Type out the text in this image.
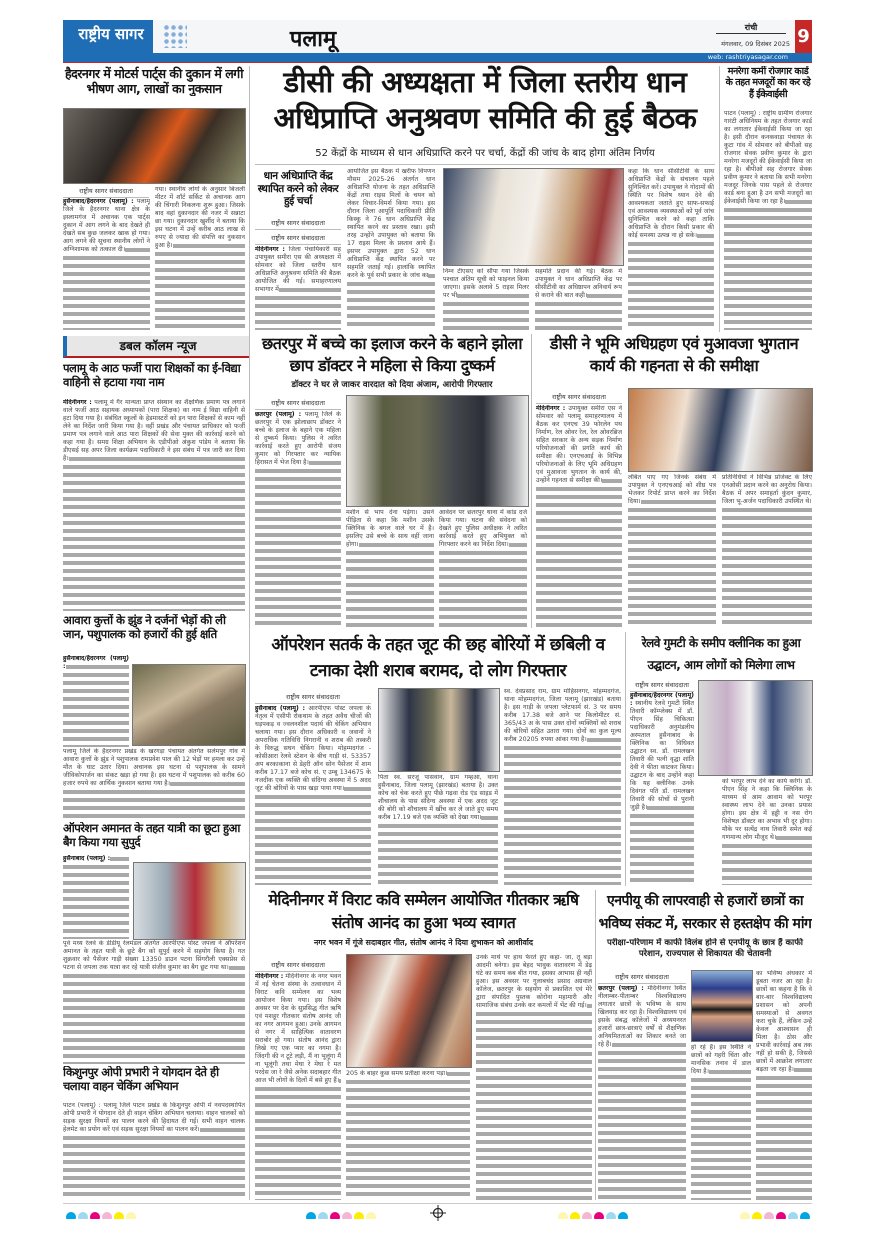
राष्ट्रीय सागर	पलामू	रांची
मंगलवार, 09 दिसंबर 2025 9
web: rashtriyasagar.com
हैदरनगर में मोटर्स पार्ट्स की दुकान में लगी भीषण आग, लाखों का नुकसान
राष्ट्रीय सागर संवाददाता
हुसैनाबाद/हैदरनगर (पलामू) : पलामू जिले के हैदरनगर थाना क्षेत्र के इस्लामगंज में अचानक एक पार्ट्स दुकान में आग लगने के बाद देखते ही देखते सब कुछ जलकर खाक हो गया। आग लगने की सूचना स्थानीय लोगों ने अग्निशामक को तत्काल दी।
गया। स्थानीय लोगों के अनुसार बिजली मीटर में शॉर्ट सर्किट से अचानक आग की चिंगारी निकलना शुरू हुआ। जिसके बाद वहां दुकानदार की नजर में सन्नाटा छा गया। दुकानदार खुर्शीद ने बताया कि इस घटना में उन्हें करीब आठ लाख से रुपए से ज्यादा की संपत्ति का नुकसान हुआ है।
डबल कॉलम न्यूज
पलामू के आठ फर्जी पारा शिक्षकों का ई-विद्या वाहिनी से हटाया गया नाम
मेदिनीनगर : पलामू में गैर मान्यता प्राप्त संस्थान का शैक्षणिक प्रमाण पत्र लगाने वाले फर्जी आठ सहायक अध्यापकों (पारा शिक्षक) का नाम ई विद्या वाहिनी से हटा दिया गया है। संबंधित स्कूलों के हेडमास्टरों को इन पारा शिक्षकों से काम नहीं लेने का निर्देश जारी किया गया है। वहीं प्रखंड और पंचायत प्राधिकार को फर्जी प्रमाण पत्र लगाने वाले आठ पारा शिक्षकों की सेवा मुक्त की कार्रवाई करने को कहा गया है। समग्र शिक्षा अभियान के एडीपीओ अंकुश पांडेय ने बताया कि डीएसई सह अपर जिला कार्यक्रम पदाधिकारी ने इस संबंध में पत्र जारी कर दिया है।
आवारा कुत्तों के झुंड ने दर्जनों भेड़ों की ली जान, पशुपालक को हजारों की हुई क्षति
हुसैनाबाद/हैदरनगर (पलामू) :
पलामू जिले के हैदरनगर प्रखंड के खरगड़ा पंचायत अंतर्गत सलेमपुर गांव में आवारा कुत्तों के झुंड ने पशुपालक रामप्रवेश पाल की 12 भेड़ों पर हमला कर उन्हें मौत के घाट उतार दिया। अचानक इस घटना से पशुपालक के सामने जीविकोपार्जन का संकट खड़ा हो गया है। इस घटना में पशुपालक को करीब 60 हजार रुपये का आर्थिक नुकसान बताया गया है।
ऑपरेशन अमानत के तहत यात्री का छूटा हुआ बैग किया गया सुपुर्द
हुसैनाबाद (पलामू) :
पूर्व मध्य रेलवे के डीडीयू रेलमंडल अंतर्गत आरपीएफ पोस्ट जपला ने ऑपरेशन अमानत के तहत यात्री के छूटे बैग को सुपुर्द करने में सहयोग किया है। गत शुक्रवार को पैसेंजर गाड़ी संख्या 13350 डाउन पटना सिंगरौली एक्सप्रेस से पटना से जपला तक यात्रा कर रहे यात्री संजीव कुमार का बैग छूट गया था।
किशुनपुर ओपी प्रभारी ने योगदान देते ही चलाया वाहन चेकिंग अभियान
पाटन (पलामू) : पलामू जिले पाटन प्रखंड के किशुनपुर ओपी में नवपदस्थापित ओपी प्रभारी ने योगदान देते ही वाहन चेकिंग अभियान चलाया। वाहन चालकों को सड़क सुरक्षा नियमों का पालन करने की हिदायत दी गई। सभी वाहन चालक हेलमेट का प्रयोग करें एवं सड़क सुरक्षा नियमों का पालन करें।
डीसी की अध्यक्षता में जिला स्तरीय धान अधिप्राप्ति अनुश्रवण समिति की हुई बैठक
52 केंद्रों के माध्यम से धान अधिप्राप्ति करने पर चर्चा, केंद्रों की जांच के बाद होगा अंतिम निर्णय
धान अधिप्राप्ति केंद्र स्थापित करने को लेकर हुई चर्चा
राष्ट्रीय सागर संवाददाता
राष्ट्रीय सागर संवाददाता
मेदिनीनगर : जिला पंचायिकारी सह उपायुक्त समीरा एस की अध्यक्षता में सोमवार को जिला स्तरीय धान अधिप्राप्ति अनुश्रवण समिति की बैठक आयोजित की गई। समाहरणालय सभागार में
आयोजित इस बैठक में खरीफ विपणन मौसम 2025-26 अंतर्गत धान अधिप्राप्ति योजना के तहत अधिप्राप्ति केंद्रों तथा राइस मिलों के चयन को लेकर विचार-विमर्श किया गया। इस दौरान जिला आपूर्ति पदाधिकारी प्रीति किस्कू ने 76 धान अधिप्राप्ति केंद्र स्थापित करने का प्रस्ताव रखा। इसी तरह उन्होंने उपायुक्त को बताया कि 17 राइस मिलर के प्रस्ताव आये हैं। इसपर उपायुक्त द्वारा 52 धान अधिप्राप्ति केंद्र स्थापित करने पर सहमति जताई गई। हालांकि स्थापित करने के पूर्व सभी प्रकार के जांच का
निम्न टीएसए को सौंपा गया जिसके पश्चात अंतिम सूची को फाइनल किया जाएगा। इसके अलावे 5 राइस मिलर पर भी
सहमति प्रदान की गई। बैठक में उपायुक्त ने धान अधिप्राप्ति केंद्र पर सीसीटीवी का अधिष्ठापन अनिवार्य रूप से कराने की बात कही।
कहा कि धान सीसीटीवी के साथ अधिप्राप्ति केंद्रों के संचालन पहले सुनिश्चित करें। उपायुक्त ने गोदामों की स्थिति पर विशेष ध्यान देने की आवश्यकता जताते हुए साफ-सफाई एवं आवश्यक व्यवस्थाओं को पूर्व जांच सुनिश्चित करने को कहा ताकि अधिप्राप्ति के दौरान किसी प्रकार की कोई समस्या उत्पन्न ना हो सके।
मनरेगा कर्मी रोजगार कार्ड के तहत मजदूरों का कर रहे हैं ईकेवाईसी
पाटन (पलामू) : राष्ट्रीय ग्रामीण रोजगार गारंटी अधिनियम के तहत रोजगार कार्ड का लगातार ईकेवाईसी किया जा रहा है। इसी दौरान कनकवाड़ा पंचायत के कुटा गांव में सोमवार को बीपीओ सह रोजगार सेवक प्रवीण कुमार के द्वारा मनरेगा मजदूरों की ईकेवाईसी किया जा रहा है। बीपीओ सह रोजगार सेवक प्रवीण कुमार ने बताया कि सभी मनरेगा मजदूर जिनके पास पहले से रोजगार कार्ड बना हुआ है उन सभी मजदूरों का ईकेवाईसी किया जा रहा है।
छतरपुर में बच्चे का इलाज करने के बहाने झोला छाप डॉक्टर ने महिला से किया दुष्कर्म
डॉक्टर ने घर ले जाकर वारदात को दिया अंजाम, आरोपी गिरफ्तार
राष्ट्रीय सागर संवाददाता
छतरपुर (पलामू) : पलामू जिले के छतरपुर में एक झोलाछाप डॉक्टर ने बच्चे के इलाज के बहाने एक महिला से दुष्कर्म किया। पुलिस ने त्वरित कार्रवाई करते हुए आरोपी संजय कुमार को गिरफ्तार कर न्यायिक हिरासत में भेज दिया है।
मशीन से भाप देना पड़ेगा। उसने पीड़िता से कहा कि मशीन उसके क्लिनिक के बगल वाले घर में है। इसलिए उसे बच्चे के साथ वहीं जाना होगा।
आवेदन पर छतरपुर थाना में कांड दर्ज किया गया। घटना की संवेदना को देखते हुए पुलिस अधीक्षक ने त्वरित कार्रवाई करते हुए अभियुक्त को गिरफ्तार करने का निर्देश दिया।
डीसी ने भूमि अधिग्रहण एवं मुआवजा भुगतान कार्य की गहनता से की समीक्षा
राष्ट्रीय सागर संवाददाता
मेदिनीनगर : उपायुक्त समीरा एस ने सोमवार को पलामू समाहरणालय में बैठक कर एनएच 39 फोरलेन पथ निर्माण, रेल ओवर रेल, रेल ओवरब्रिज सहित सरकार के अन्य सड़क निर्माण परियोजनाओं की प्रगति कार्य की समीक्षा की। एनएचआई के विभिन्न परियोजनाओं के लिए भूमि अधिग्रहण एवं मुआवजा भुगतान के कार्य की, उन्होंने गहनता से समीक्षा की।	लंबित पाए गए जिनके संबंध में उपायुक्त ने एनएचआई को शीघ्र पत्र भेजकर रिपोर्ट प्राप्त करने का निर्देश दिया।
प्रतिनिधियों ने विभिन्न प्रोजेक्ट के लिए एनओसी प्रदान करने का अनुरोध किया। बैठक में अपर समाहर्ता कुंदन कुमार, जिला भू-अर्जन पदाधिकारी उपस्थित थे।
ऑपरेशन सतर्क के तहत जूट की छह बोरियों में छबिली व टनाका देशी शराब बरामद, दो लोग गिरफ्तार
राष्ट्रीय सागर संवाददाता
हुसैनाबाद (पलामू) : आरपीएफ पोस्ट जपला के नेतृत्व में एसीपी रोकथाम के तहत अवैध चीजों की धड़पकड़ व ज्वलनशील पदार्थ की चेकिंग अभियान चलाया गया। इस दौरान अधिकारी व जवानों ने अपराधिक गतिविधि निगरानी व शराब की तस्करी के विरुद्ध सघन चेकिंग किया। मोहम्मदगंज - कोसीआरा रेलवे स्टेशन के बीच गाड़ी सं. 53357 अप बरकाकाना से डेहरी ऑन सोन पैसेंजर में शाम करीब 17.17 बजे कोच सं. ए उम्बू 134675 के नजदीक एक व्यक्ति की संदिग्ध अवस्था में 5 अदद जूट की बोरियों के पास खड़ा पाया गया।
पिता स्व. सरजू पासवान, ग्राम गम्हआ, थाना हुसैनाबाद, जिला पलामू (झारखंड) बताया है। उक्त कोच को चेक करते हुए पीछे गढ़वा रोड एंड साइड में शौचालय के पास संदिग्ध अवस्था में एक अदद जूट की बोरी को शौचालय में खींच कर ले जाते हुए समय करीब 17.19 बजे एक व्यक्ति को देखा गया।
स्व. देवप्रसाद राम, ग्राम मोहिसनगर, मोहम्मदगंज, थाना मोहम्मदगंज, जिला पलामू (झारखंड) बताया है। इस गाड़ी के जपला प्लेटफार्म सं. 3 पर समय करीब 17.38 बजे आने पर किलोमीटर सं. 365/43 अ के पास उक्त दोनों व्यक्तियों को शराब की बोरियों सहित उतारा गया। दोनों का कुल मूल्य करीब 20205 रुपया आंका गया है।
रेलवे गुमटी के समीप क्लीनिक का हुआ उद्घाटन, आम लोगों को मिलेगा लाभ
राष्ट्रीय सागर संवाददाता
हुसैनाबाद/हैदरनगर (पलामू) : स्थानीय रेलवे गुमटी स्थित तिवारी कॉम्प्लेक्स में डॉ. पीएन सिंह चिकित्सा पदाधिकारी अनुमंडलीय अस्पताल हुसैनाबाद के क्लिनिक का विधिवत उद्घाटन स्व. डॉ. रामलखन तिवारी की पत्नी वृद्धा शांति देवी ने फीता काटकर किया। उद्घाटन के बाद उन्होंने कहा कि यह क्लीनिक उनके दिवंगत पति डॉ. रामलखन तिवारी की सोचों से पुरानी जुड़ी है।
को भरपूर लाभ देने का कार्य करेंगे। डॉ. पीएन सिंह ने कहा कि क्लिनिक के माध्यम से आम आवाम को भरपूर स्वास्थ्य लाभ देने का उनका प्रयास होगा। इस क्षेत्र में हड्डी व नस रोग विशेषज्ञ डॉक्टर का अभाव भी दूर होगा। मौके पर सत्येंद्र नाथ तिवारी समेत कई गणमान्य लोग मौजूद थे।
मेदिनीनगर में विराट कवि सम्मेलन आयोजित गीतकार ऋषि संतोष आनंद का हुआ भव्य स्वागत
नगर भवन में गूंजे सदाबहार गीत, संतोष आनंद ने दिया शुभाकन को आशीर्वाद
राष्ट्रीय सागर संवाददाता
मेदिनीनगर : मेदिनीनगर के नगर भवन में नई चेतना संस्था के तत्वावधान में विराट कवि सम्मेलन का भव्य आयोजन किया गया। इस विशेष अवसर पर देश के सुप्रसिद्ध गीत ऋषि एवं मशहूर गीतकार संतोष आनंद जी का नगर आगमन हुआ। उनके आगमन से नगर में साहित्यिक वातावरण सराबोर हो गया। संतोष आनंद द्वारा लिखे गए एक प्यार का नगमा है। जिंदगी की न टूटे लड़ी, मैं ना भूलूंगा मैं ना भूलूंगी तथा मेघा रे मेघा रे मत परदेस जा रे जैसे अनेक सदाबहार गीत आज भी लोगों के दिलों में बसे हुए हैं।
205 के बाहर कुछ समय प्रतीक्षा करना पड़ा।
उनके माथे पर हाथ फेरते हुए कहा- जा, तू बड़ा आदमी बनेगा। इस बेहद भावुक वातावरण में डेढ़ घंटे का समय कब बीत गया, इसका आभास ही नहीं हुआ। इस अवसर पर गुलाबचंद प्रसाद अग्रवाल कॉलेज, छतरपुर के सहयोग से प्रकाशित एवं मेरे द्वारा संपादित पुस्तक कोरोना महामारी और सामाजिक संबंध उनके कर कमलों में भेंट की गई।
एनपीयू की लापरवाही से हजारों छात्रों का भविष्य संकट में, सरकार से हस्तक्षेप की मांग
परीक्षा-परिणाम में काफी विलंब होने से एनपीयू के छात्र हैं काफी परेशान, राज्यपाल से शिकायत की चेतावनी
राष्ट्रीय सागर संवाददाता
छतरपुर (पलामू) : मेदिनीनगर स्थित नीलाम्बर-पीताम्बर विश्वविद्यालय लगातार छात्रों के भविष्य के साथ खिलवाड़ कर रहा है। विश्वविद्यालय एवं इसके संबद्ध कॉलेजों में अध्ययनरत हजारों छात्र-छात्राएं वर्षों से शैक्षणिक अनियमितताओं का शिकार बनते जा रहे हैं।	हो रहे हैं। इस स्थिति ने छात्रों को गहरी चिंता और मानसिक तनाव में डाल दिया है।
का भविष्य अंधकार में डूबता नजर आ रहा है। छात्रों का कहना है कि वे बार-बार विश्वविद्यालय प्रशासन को अपनी समस्याओं से अवगत करा चुके हैं, लेकिन उन्हें केवल आश्वासन ही मिला है। ठोस और प्रभावी कार्रवाई अब तक नहीं हो सकी है, जिससे छात्रों में आक्रोश लगातार बढ़ता जा रहा है।
